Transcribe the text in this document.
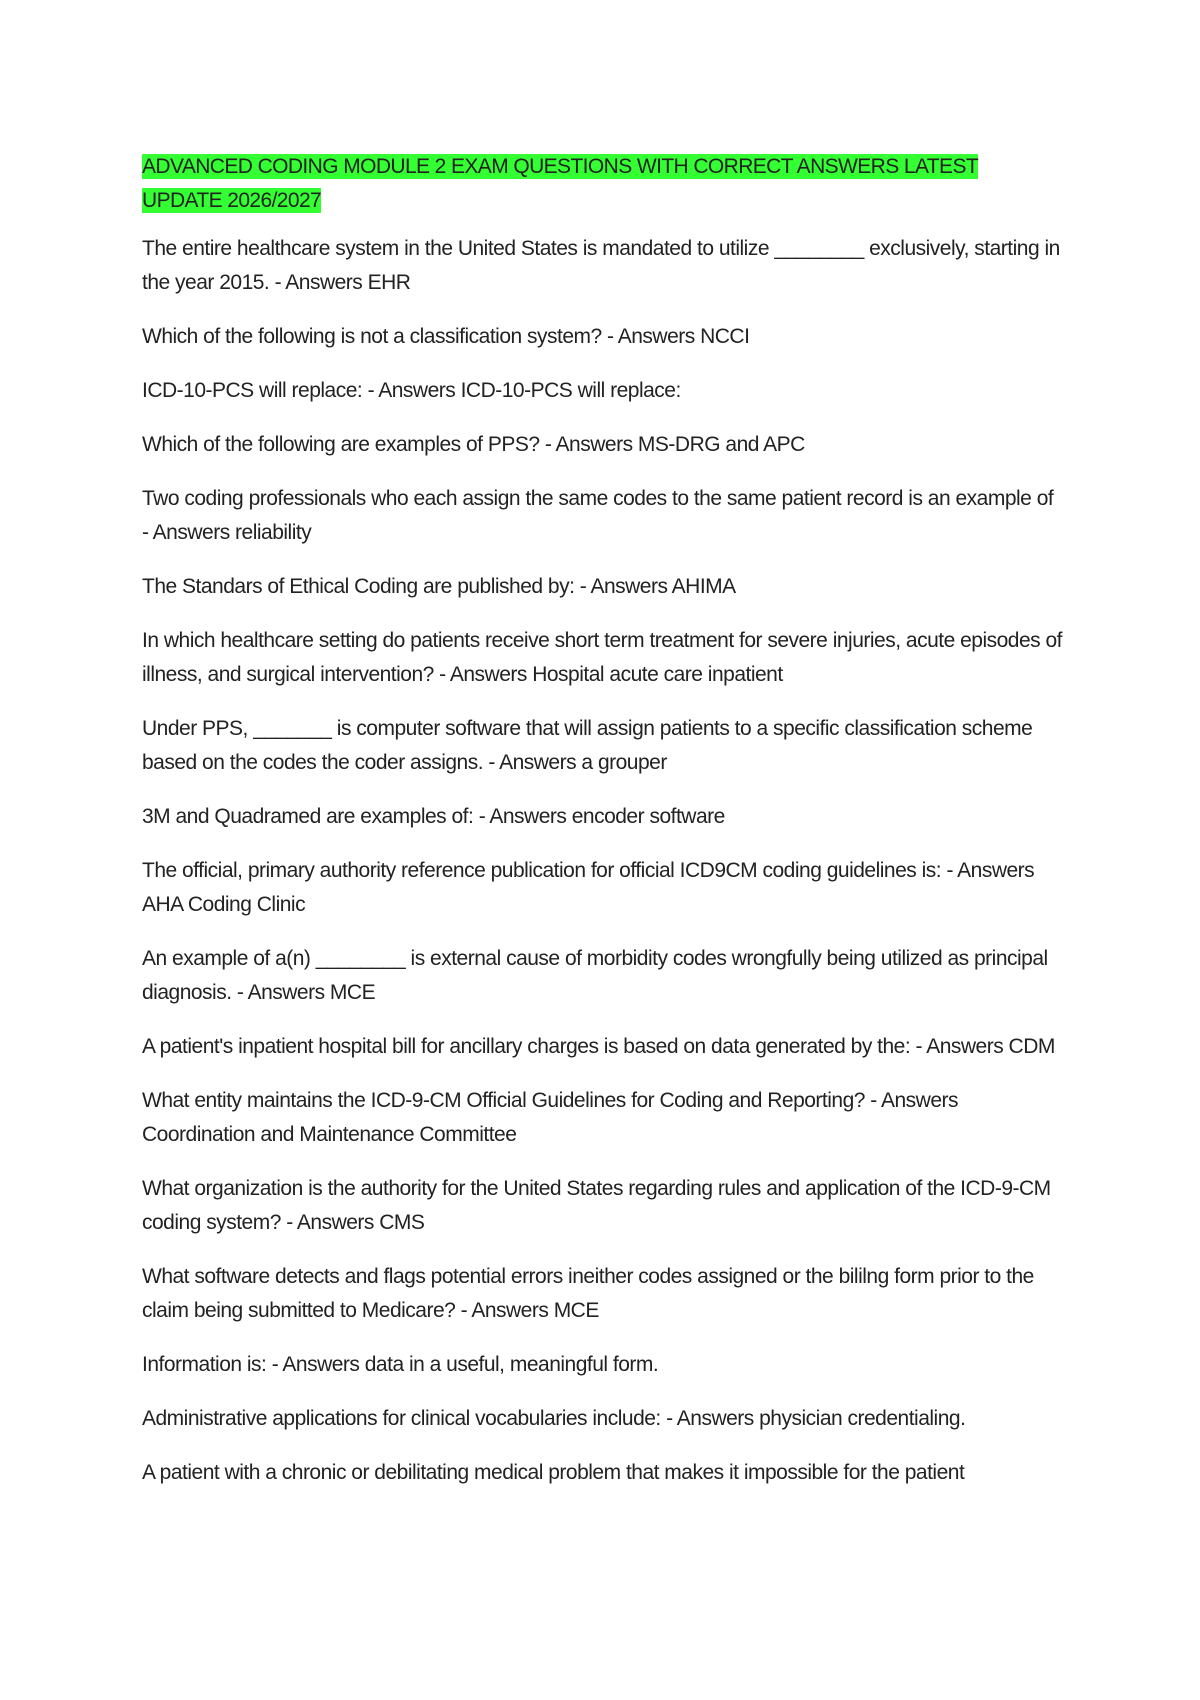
ADVANCED CODING MODULE 2 EXAM QUESTIONS WITH CORRECT ANSWERS LATEST UPDATE 2026/2027
The entire healthcare system in the United States is mandated to utilize ________ exclusively, starting in the year 2015. - Answers EHR
Which of the following is not a classification system? - Answers NCCI
ICD-10-PCS will replace: - Answers ICD-10-PCS will replace:
Which of the following are examples of PPS? - Answers MS-DRG and APC
Two coding professionals who each assign the same codes to the same patient record is an example of - Answers reliability
The Standars of Ethical Coding are published by: - Answers AHIMA
In which healthcare setting do patients receive short term treatment for severe injuries, acute episodes of illness, and surgical intervention? - Answers Hospital acute care inpatient
Under PPS, _______ is computer software that will assign patients to a specific classification scheme based on the codes the coder assigns. - Answers a grouper
3M and Quadramed are examples of: - Answers encoder software
The official, primary authority reference publication for official ICD9CM coding guidelines is: - Answers AHA Coding Clinic
An example of a(n) ________ is external cause of morbidity codes wrongfully being utilized as principal diagnosis. - Answers MCE
A patient's inpatient hospital bill for ancillary charges is based on data generated by the: - Answers CDM
What entity maintains the ICD-9-CM Official Guidelines for Coding and Reporting? - Answers Coordination and Maintenance Committee
What organization is the authority for the United States regarding rules and application of the ICD-9-CM coding system? - Answers CMS
What software detects and flags potential errors ineither codes assigned or the bililng form prior to the claim being submitted to Medicare? - Answers MCE
Information is: - Answers data in a useful, meaningful form.
Administrative applications for clinical vocabularies include: - Answers physician credentialing.
A patient with a chronic or debilitating medical problem that makes it impossible for the patient
